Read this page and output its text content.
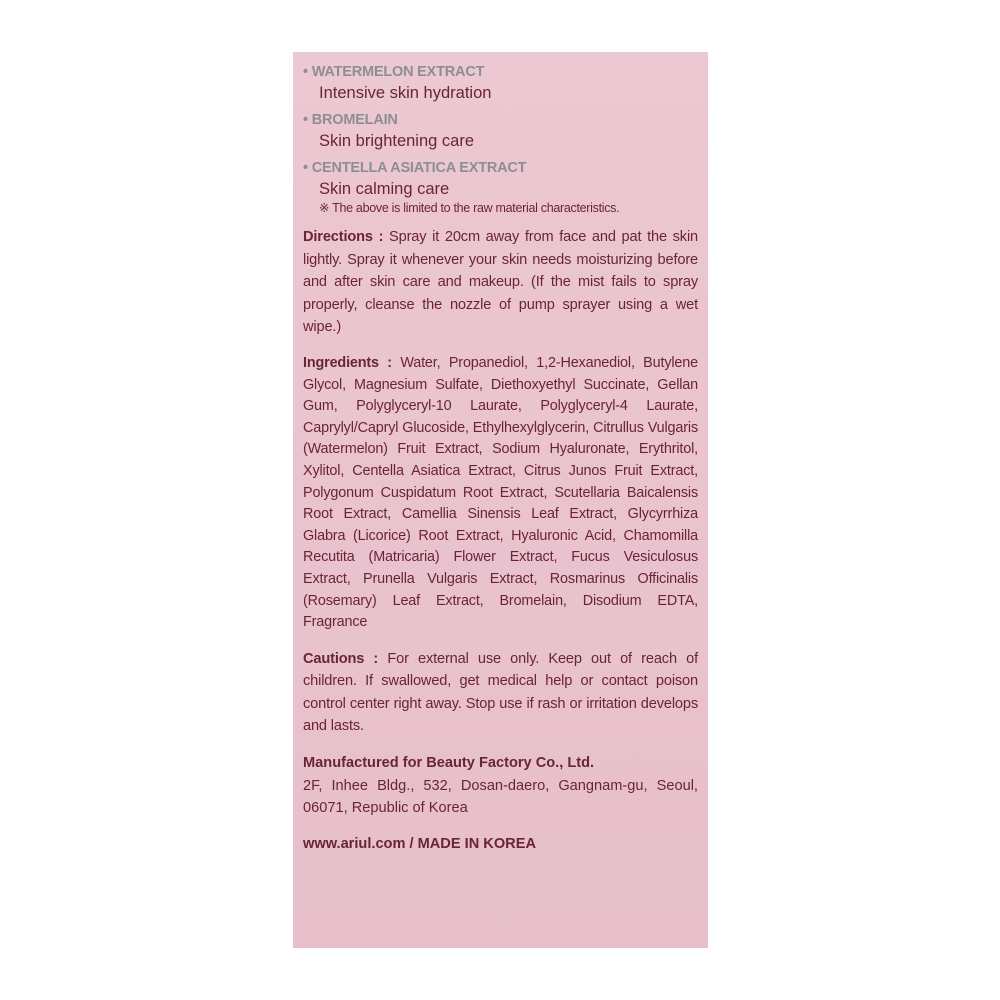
• WATERMELON EXTRACT
Intensive skin hydration
• BROMELAIN
Skin brightening care
• CENTELLA ASIATICA EXTRACT
Skin calming care
※ The above is limited to the raw material characteristics.
Directions : Spray it 20cm away from face and pat the skin lightly. Spray it whenever your skin needs moisturizing before and after skin care and makeup. (If the mist fails to spray properly, cleanse the nozzle of pump sprayer using a wet wipe.)
Ingredients : Water, Propanediol, 1,2-Hexanediol, Butylene Glycol, Magnesium Sulfate, Diethoxyethyl Succinate, Gellan Gum, Polyglyceryl-10 Laurate, Polyglyceryl-4 Laurate, Caprylyl/Capryl Glucoside, Ethylhexylglycerin, Citrullus Vulgaris (Watermelon) Fruit Extract, Sodium Hyaluronate, Erythritol, Xylitol, Centella Asiatica Extract, Citrus Junos Fruit Extract, Polygonum Cuspidatum Root Extract, Scutellaria Baicalensis Root Extract, Camellia Sinensis Leaf Extract, Glycyrrhiza Glabra (Licorice) Root Extract, Hyaluronic Acid, Chamomilla Recutita (Matricaria) Flower Extract, Fucus Vesiculosus Extract, Prunella Vulgaris Extract, Rosmarinus Officinalis (Rosemary) Leaf Extract, Bromelain, Disodium EDTA, Fragrance
Cautions : For external use only. Keep out of reach of children. If swallowed, get medical help or contact poison control center right away. Stop use if rash or irritation develops and lasts.
Manufactured for Beauty Factory Co., Ltd.
2F, Inhee Bldg., 532, Dosan-daero, Gangnam-gu, Seoul, 06071, Republic of Korea
www.ariul.com / MADE IN KOREA
